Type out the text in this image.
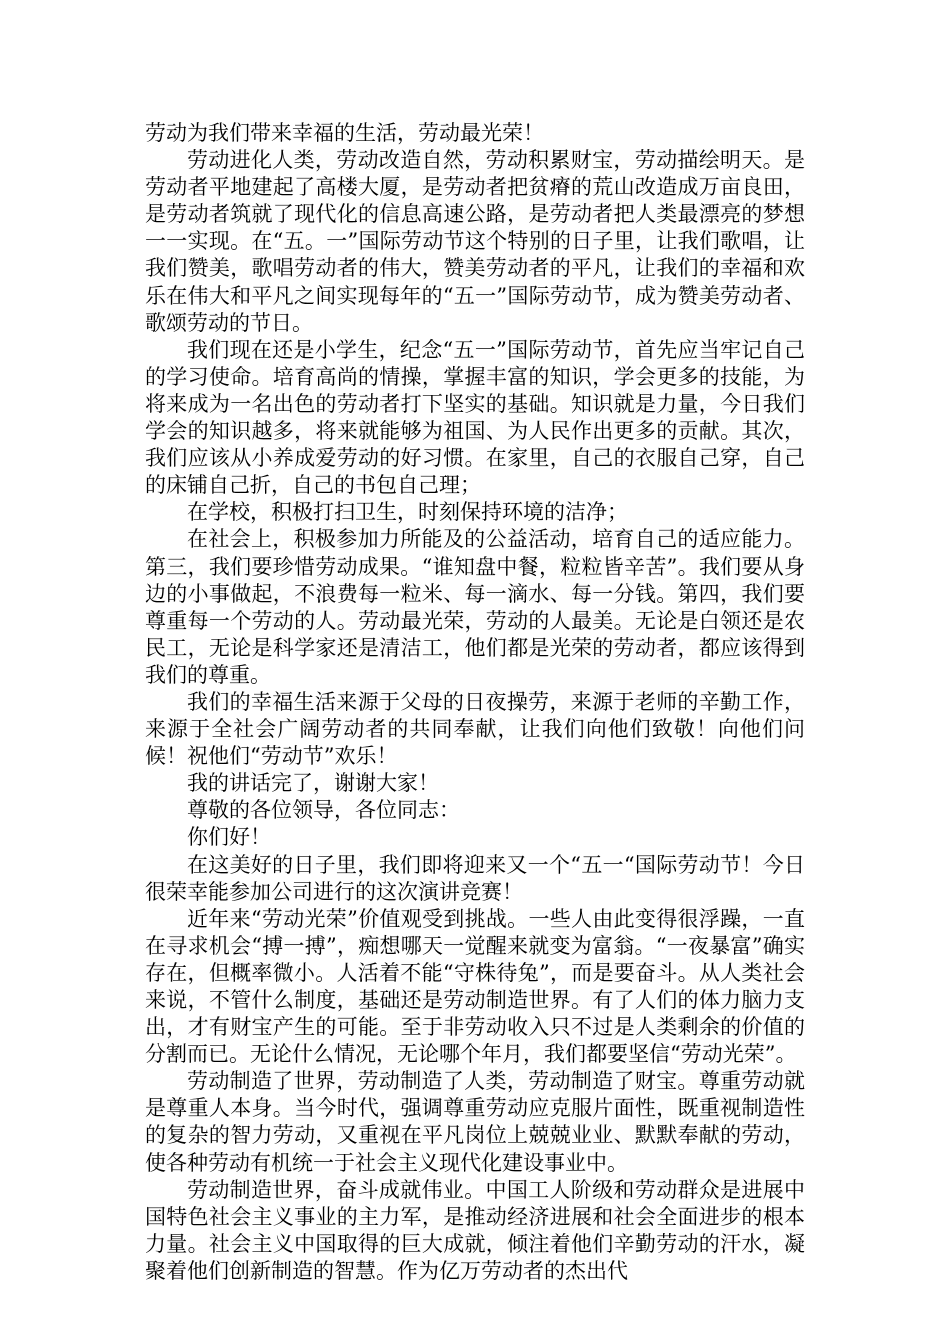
劳动为我们带来幸福的生活，劳动最光荣！

劳动进化人类，劳动改造自然，劳动积累财宝，劳动描绘明天。是劳动者平地建起了高楼大厦，是劳动者把贫瘠的荒山改造成万亩良田，是劳动者筑就了现代化的信息高速公路，是劳动者把人类最漂亮的梦想一一实现。在“五。一”国际劳动节这个特别的日子里，让我们歌唱，让我们赞美，歌唱劳动者的伟大，赞美劳动者的平凡，让我们的幸福和欢乐在伟大和平凡之间实现每年的“五一”国际劳动节，成为赞美劳动者、歌颂劳动的节日。

我们现在还是小学生，纪念“五一”国际劳动节，首先应当牢记自己的学习使命。培育高尚的情操，掌握丰富的知识，学会更多的技能，为将来成为一名出色的劳动者打下坚实的基础。知识就是力量，今日我们学会的知识越多，将来就能够为祖国、为人民作出更多的贡献。其次，我们应该从小养成爱劳动的好习惯。在家里，自己的衣服自己穿，自己的床铺自己折，自己的书包自己理；

在学校，积极打扫卫生，时刻保持环境的洁净；

在社会上，积极参加力所能及的公益活动，培育自己的适应能力。第三，我们要珍惜劳动成果。“谁知盘中餐，粒粒皆辛苦”。我们要从身边的小事做起，不浪费每一粒米、每一滴水、每一分钱。第四，我们要尊重每一个劳动的人。劳动最光荣，劳动的人最美。无论是白领还是农民工，无论是科学家还是清洁工，他们都是光荣的劳动者，都应该得到我们的尊重。

我们的幸福生活来源于父母的日夜操劳，来源于老师的辛勤工作，来源于全社会广阔劳动者的共同奉献，让我们向他们致敬！向他们问候！祝他们“劳动节”欢乐！

我的讲话完了，谢谢大家！

尊敬的各位领导，各位同志：

你们好！

在这美好的日子里，我们即将迎来又一个“五一“国际劳动节！今日很荣幸能参加公司进行的这次演讲竞赛！

近年来“劳动光荣”价值观受到挑战。一些人由此变得很浮躁，一直在寻求机会“搏一搏”，痴想哪天一觉醒来就变为富翁。“一夜暴富”确实存在，但概率微小。人活着不能“守株待兔”，而是要奋斗。从人类社会来说，不管什么制度，基础还是劳动制造世界。有了人们的体力脑力支出，才有财宝产生的可能。至于非劳动收入只不过是人类剩余的价值的分割而已。无论什么情况，无论哪个年月，我们都要坚信“劳动光荣”。

劳动制造了世界，劳动制造了人类，劳动制造了财宝。尊重劳动就是尊重人本身。当今时代，强调尊重劳动应克服片面性，既重视制造性的复杂的智力劳动，又重视在平凡岗位上兢兢业业、默默奉献的劳动，使各种劳动有机统一于社会主义现代化建设事业中。

劳动制造世界，奋斗成就伟业。中国工人阶级和劳动群众是进展中国特色社会主义事业的主力军，是推动经济进展和社会全面进步的根本力量。社会主义中国取得的巨大成就，倾注着他们辛勤劳动的汗水，凝聚着他们创新制造的智慧。作为亿万劳动者的杰出代
